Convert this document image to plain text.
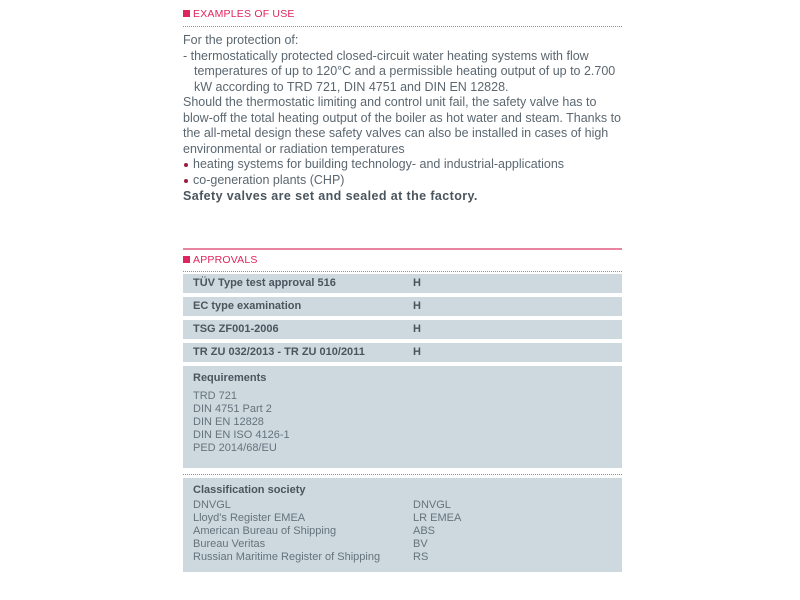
EXAMPLES OF USE
For the protection of:
- thermostatically protected closed-circuit water heating systems with flow temperatures of up to 120°C and a permissible heating output of up to 2.700 kW according to TRD 721, DIN 4751 and DIN EN 12828.
Should the thermostatic limiting and control unit fail, the safety valve has to blow-off the total heating output of the boiler as hot water and steam. Thanks to the all-metal design these safety valves can also be installed in cases of high environmental or radiation temperatures
heating systems for building technology- and industrial-applications
co-generation plants (CHP)
Safety valves are set and sealed at the factory.
APPROVALS
TÜV Type test approval 516	H
EC type examination	H
TSG ZF001-2006	H
TR ZU 032/2013 - TR ZU 010/2011	H
Requirements
TRD 721
DIN 4751 Part 2
DIN EN 12828
DIN EN ISO 4126-1
PED 2014/68/EU
Classification society
DNVGL	DNVGL
Lloyd's Register EMEA	LR EMEA
American Bureau of Shipping	ABS
Bureau Veritas	BV
Russian Maritime Register of Shipping	RS
